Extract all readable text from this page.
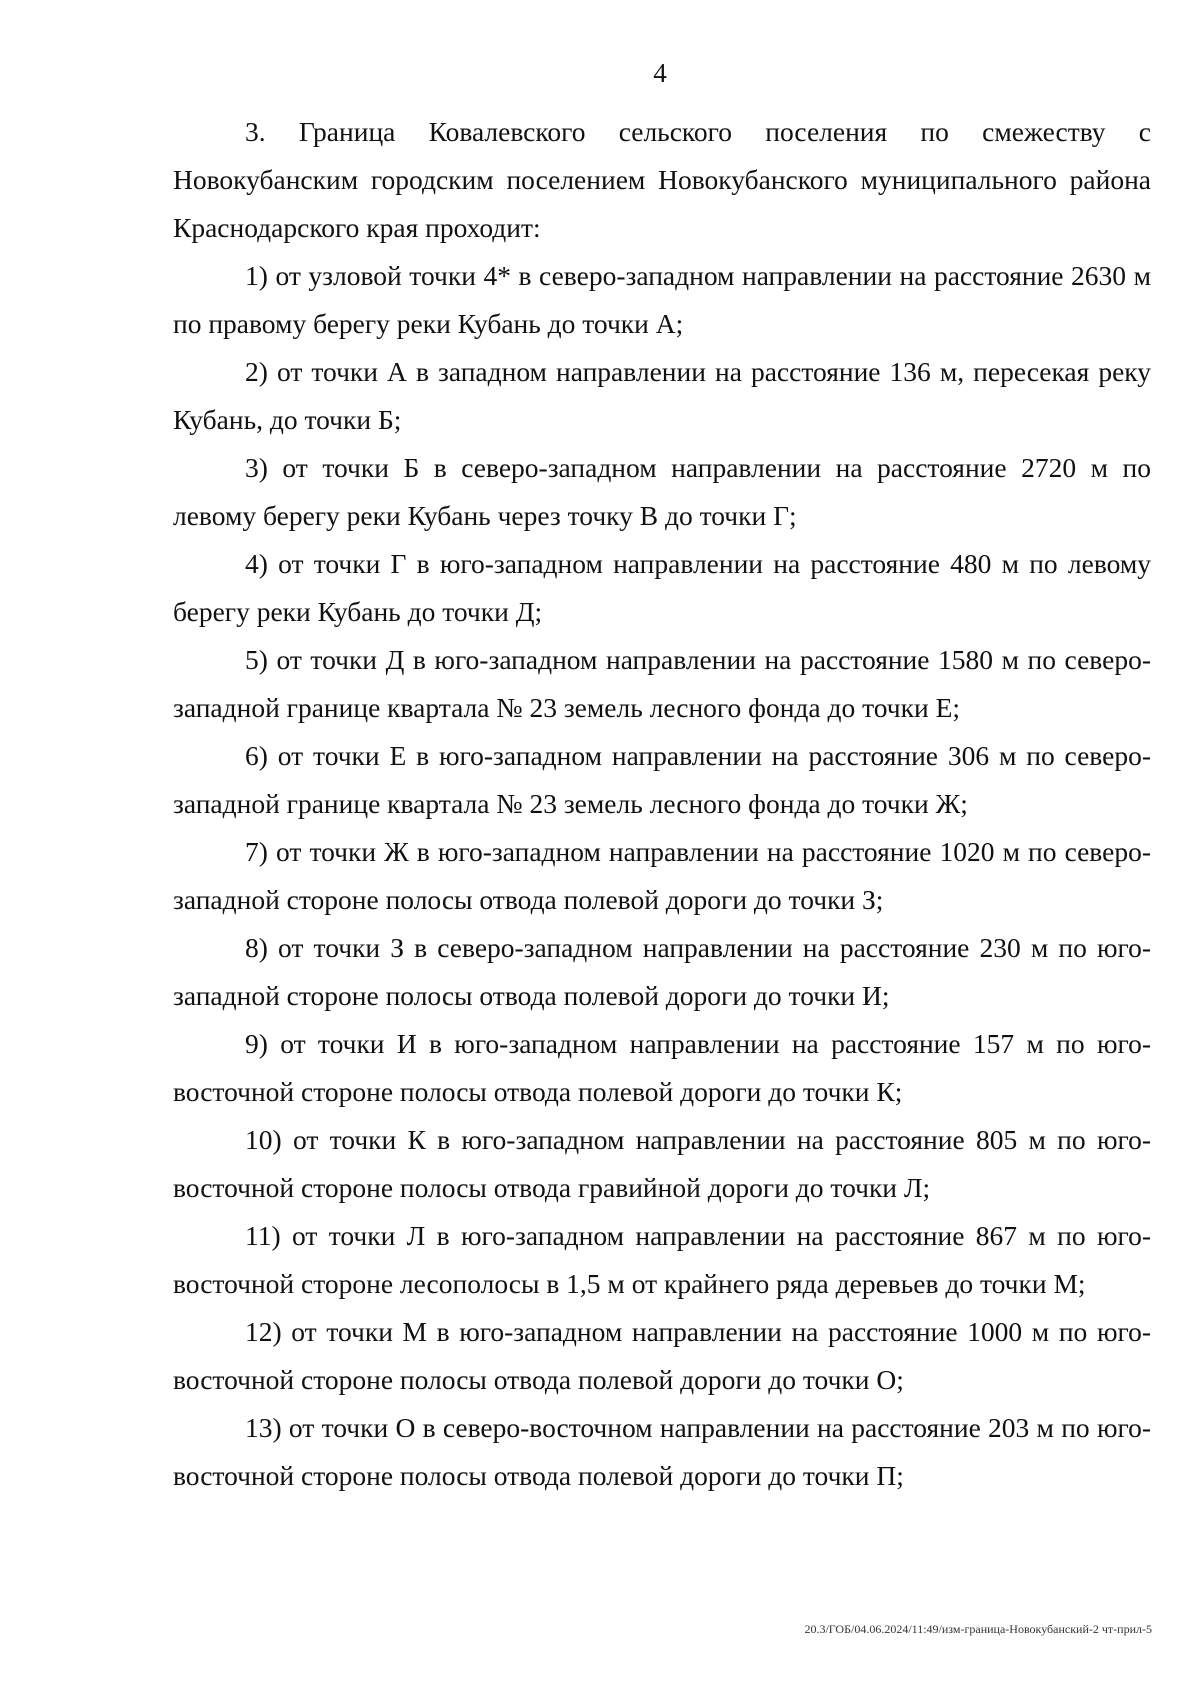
4

3. Граница Ковалевского сельского поселения по смежеству с Новокубанским городским поселением Новокубанского муниципального района Краснодарского края проходит:

1) от узловой точки 4* в северо-западном направлении на расстояние 2630 м по правому берегу реки Кубань до точки А;

2) от точки А в западном направлении на расстояние 136 м, пересекая реку Кубань, до точки Б;

3) от точки Б в северо-западном направлении на расстояние 2720 м по левому берегу реки Кубань через точку В до точки Г;

4) от точки Г в юго-западном направлении на расстояние 480 м по левому берегу реки Кубань до точки Д;

5) от точки Д в юго-западном направлении на расстояние 1580 м по северо-западной границе квартала № 23 земель лесного фонда до точки Е;

6) от точки Е в юго-западном направлении на расстояние 306 м по северо-западной границе квартала № 23 земель лесного фонда до точки Ж;

7) от точки Ж в юго-западном направлении на расстояние 1020 м по северо-западной стороне полосы отвода полевой дороги до точки З;

8) от точки З в северо-западном направлении на расстояние 230 м по юго-западной стороне полосы отвода полевой дороги до точки И;

9) от точки И в юго-западном направлении на расстояние 157 м по юго-восточной стороне полосы отвода полевой дороги до точки К;

10) от точки К в юго-западном направлении на расстояние 805 м по юго-восточной стороне полосы отвода гравийной дороги до точки Л;

11) от точки Л в юго-западном направлении на расстояние 867 м по юго-восточной стороне лесополосы в 1,5 м от крайнего ряда деревьев до точки М;

12) от точки М в юго-западном направлении на расстояние 1000 м по юго-восточной стороне полосы отвода полевой дороги до точки О;

13) от точки О в северо-восточном направлении на расстояние 203 м по юго-восточной стороне полосы отвода полевой дороги до точки П;

20.3/ГОБ/04.06.2024/11:49/изм-граница-Новокубанский-2 чт-прил-5
